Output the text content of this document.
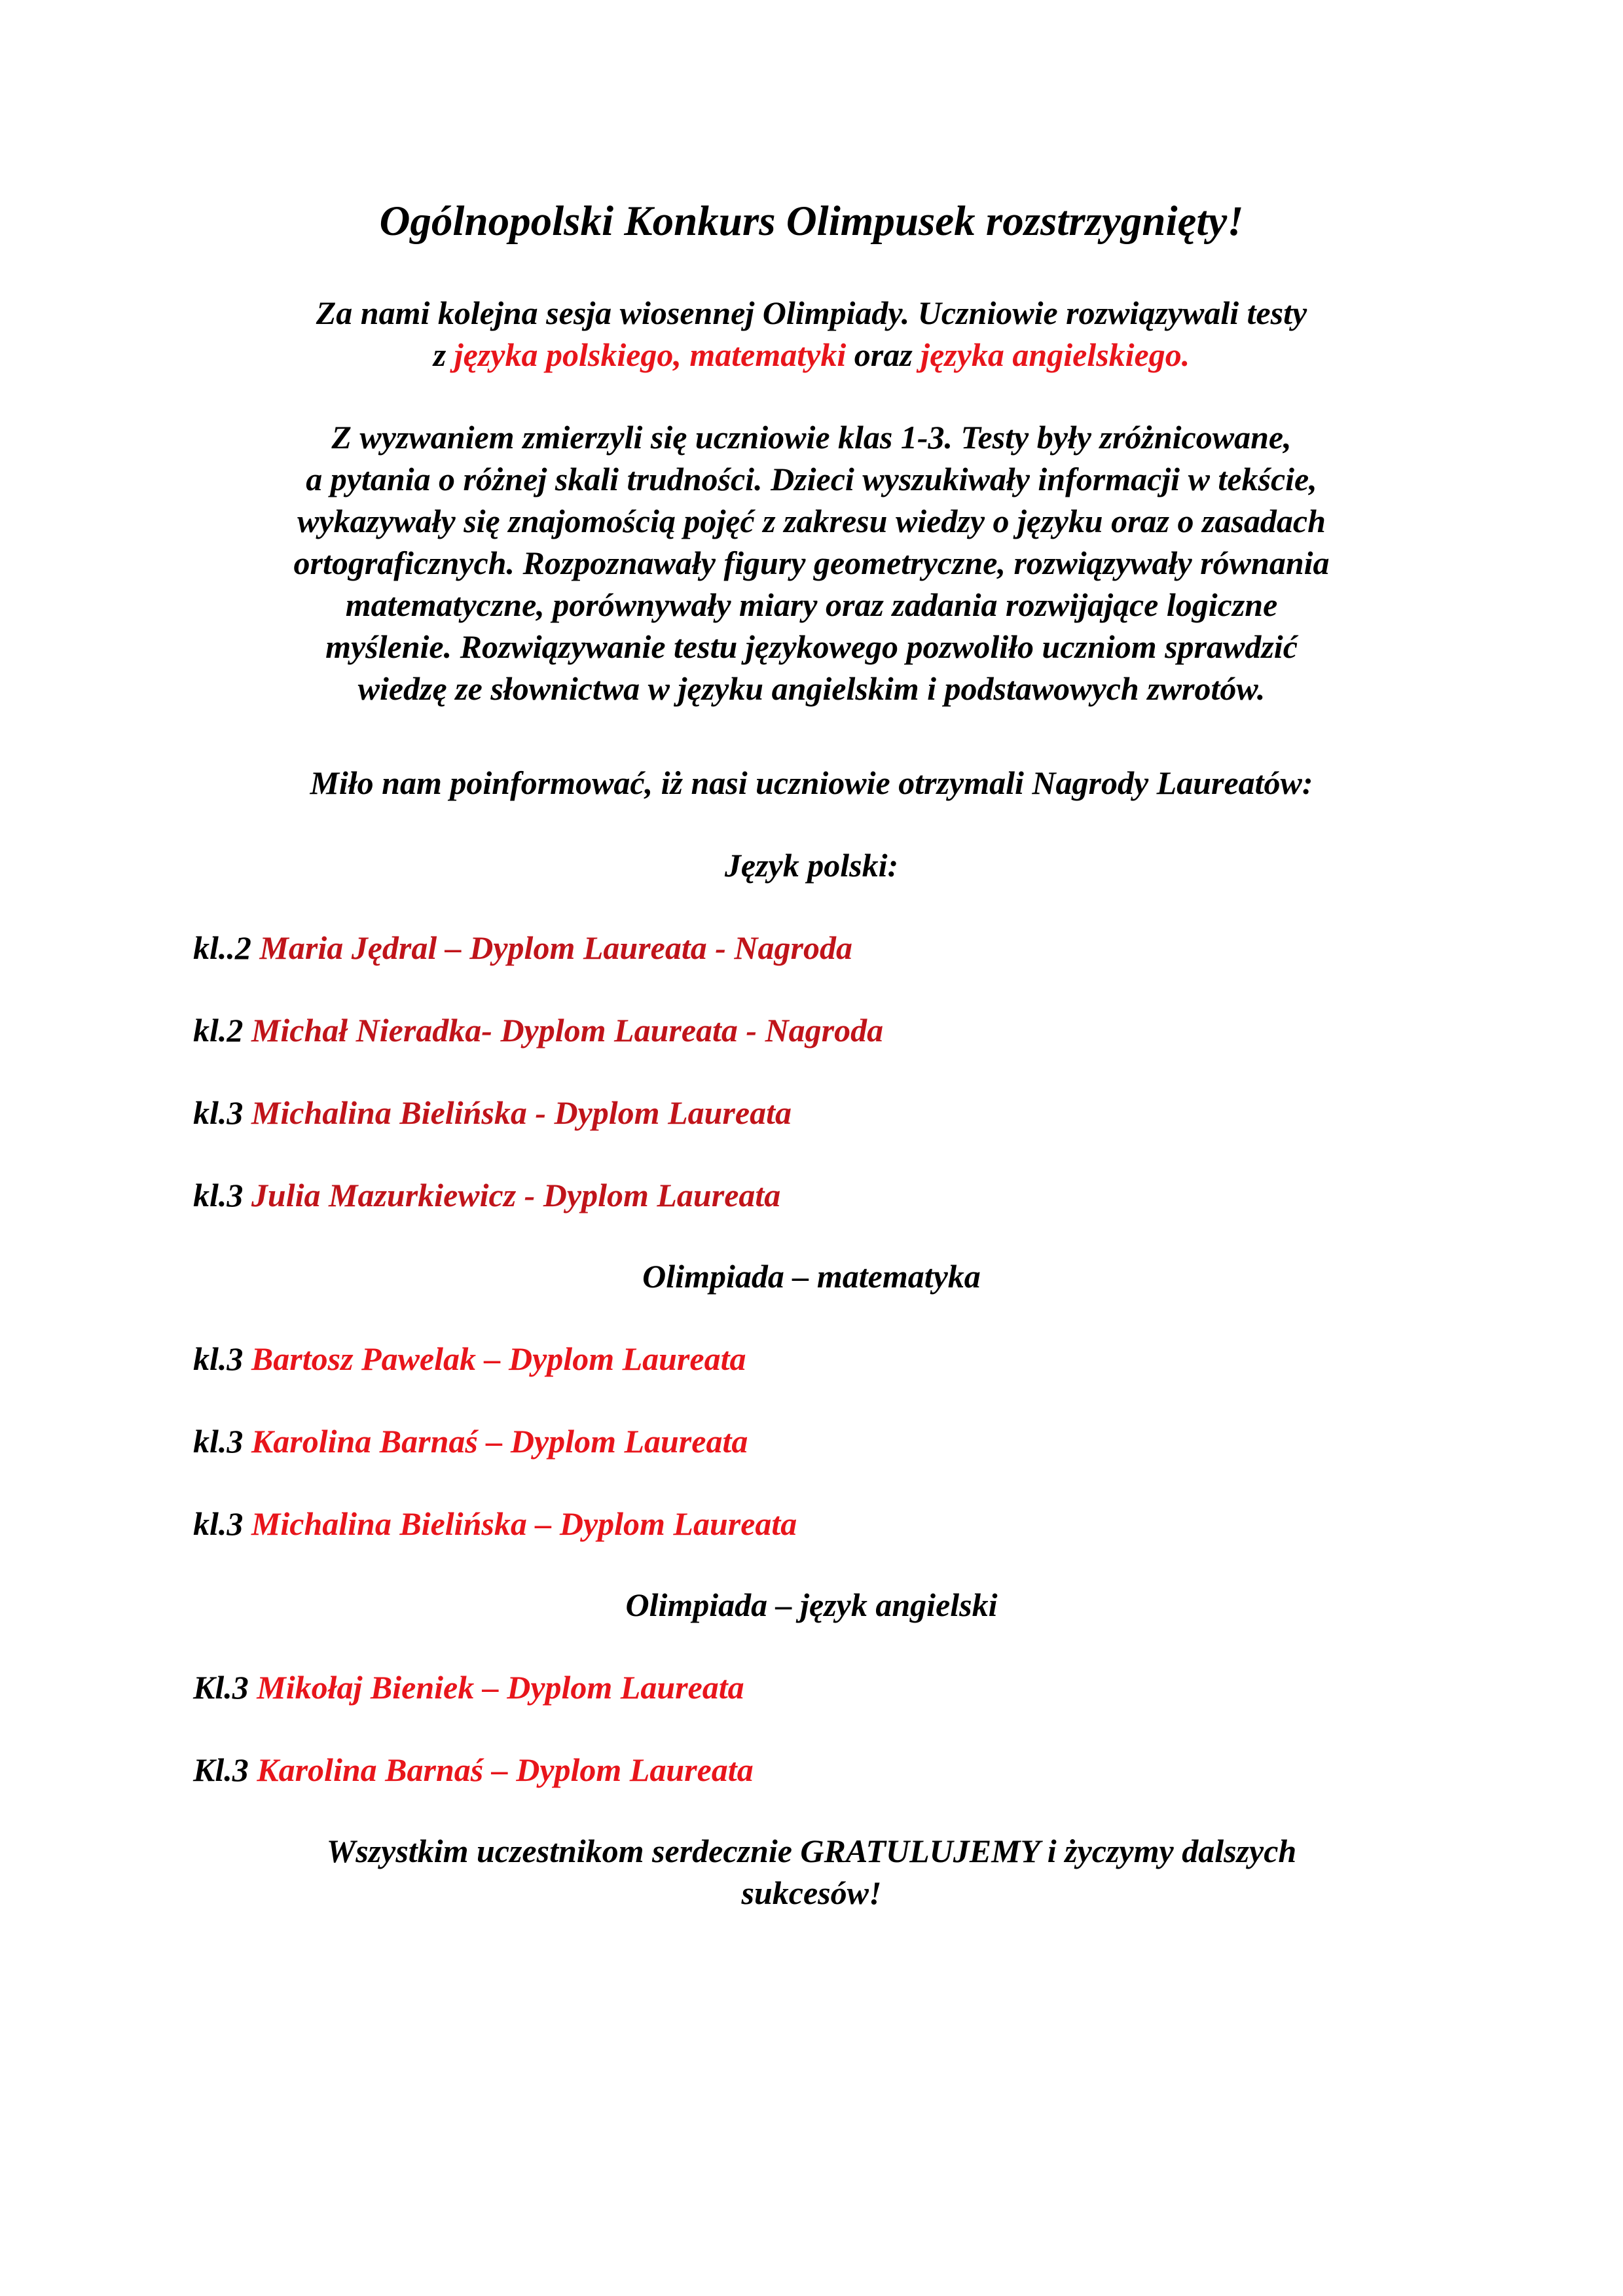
Ogólnopolski Konkurs Olimpusek rozstrzygnięty!

Za nami kolejna sesja wiosennej Olimpiady. Uczniowie rozwiązywali testy
z języka polskiego, matematyki oraz języka angielskiego.

Z wyzwaniem zmierzyli się uczniowie klas 1-3. Testy były zróżnicowane,
a pytania o różnej skali trudności. Dzieci wyszukiwały informacji w tekście,
wykazywały się znajomością pojęć z zakresu wiedzy o języku oraz o zasadach
ortograficznych. Rozpoznawały figury geometryczne, rozwiązywały równania
matematyczne, porównywały miary oraz zadania rozwijające logiczne
myślenie. Rozwiązywanie testu językowego pozwoliło uczniom sprawdzić
wiedzę ze słownictwa w języku angielskim i podstawowych zwrotów.

Miło nam poinformować, iż nasi uczniowie otrzymali Nagrody Laureatów:

Język polski:

kl..2 Maria Jędral – Dyplom Laureata - Nagroda

kl.2 Michał Nieradka- Dyplom Laureata - Nagroda

kl.3 Michalina Bielińska - Dyplom Laureata

kl.3 Julia Mazurkiewicz - Dyplom Laureata

Olimpiada – matematyka

kl.3 Bartosz Pawelak – Dyplom Laureata

kl.3 Karolina Barnaś – Dyplom Laureata

kl.3 Michalina Bielińska – Dyplom Laureata

Olimpiada – język angielski

Kl.3 Mikołaj Bieniek – Dyplom Laureata

Kl.3 Karolina Barnaś – Dyplom Laureata

Wszystkim uczestnikom serdecznie GRATULUJEMY i życzymy dalszych
sukcesów!
